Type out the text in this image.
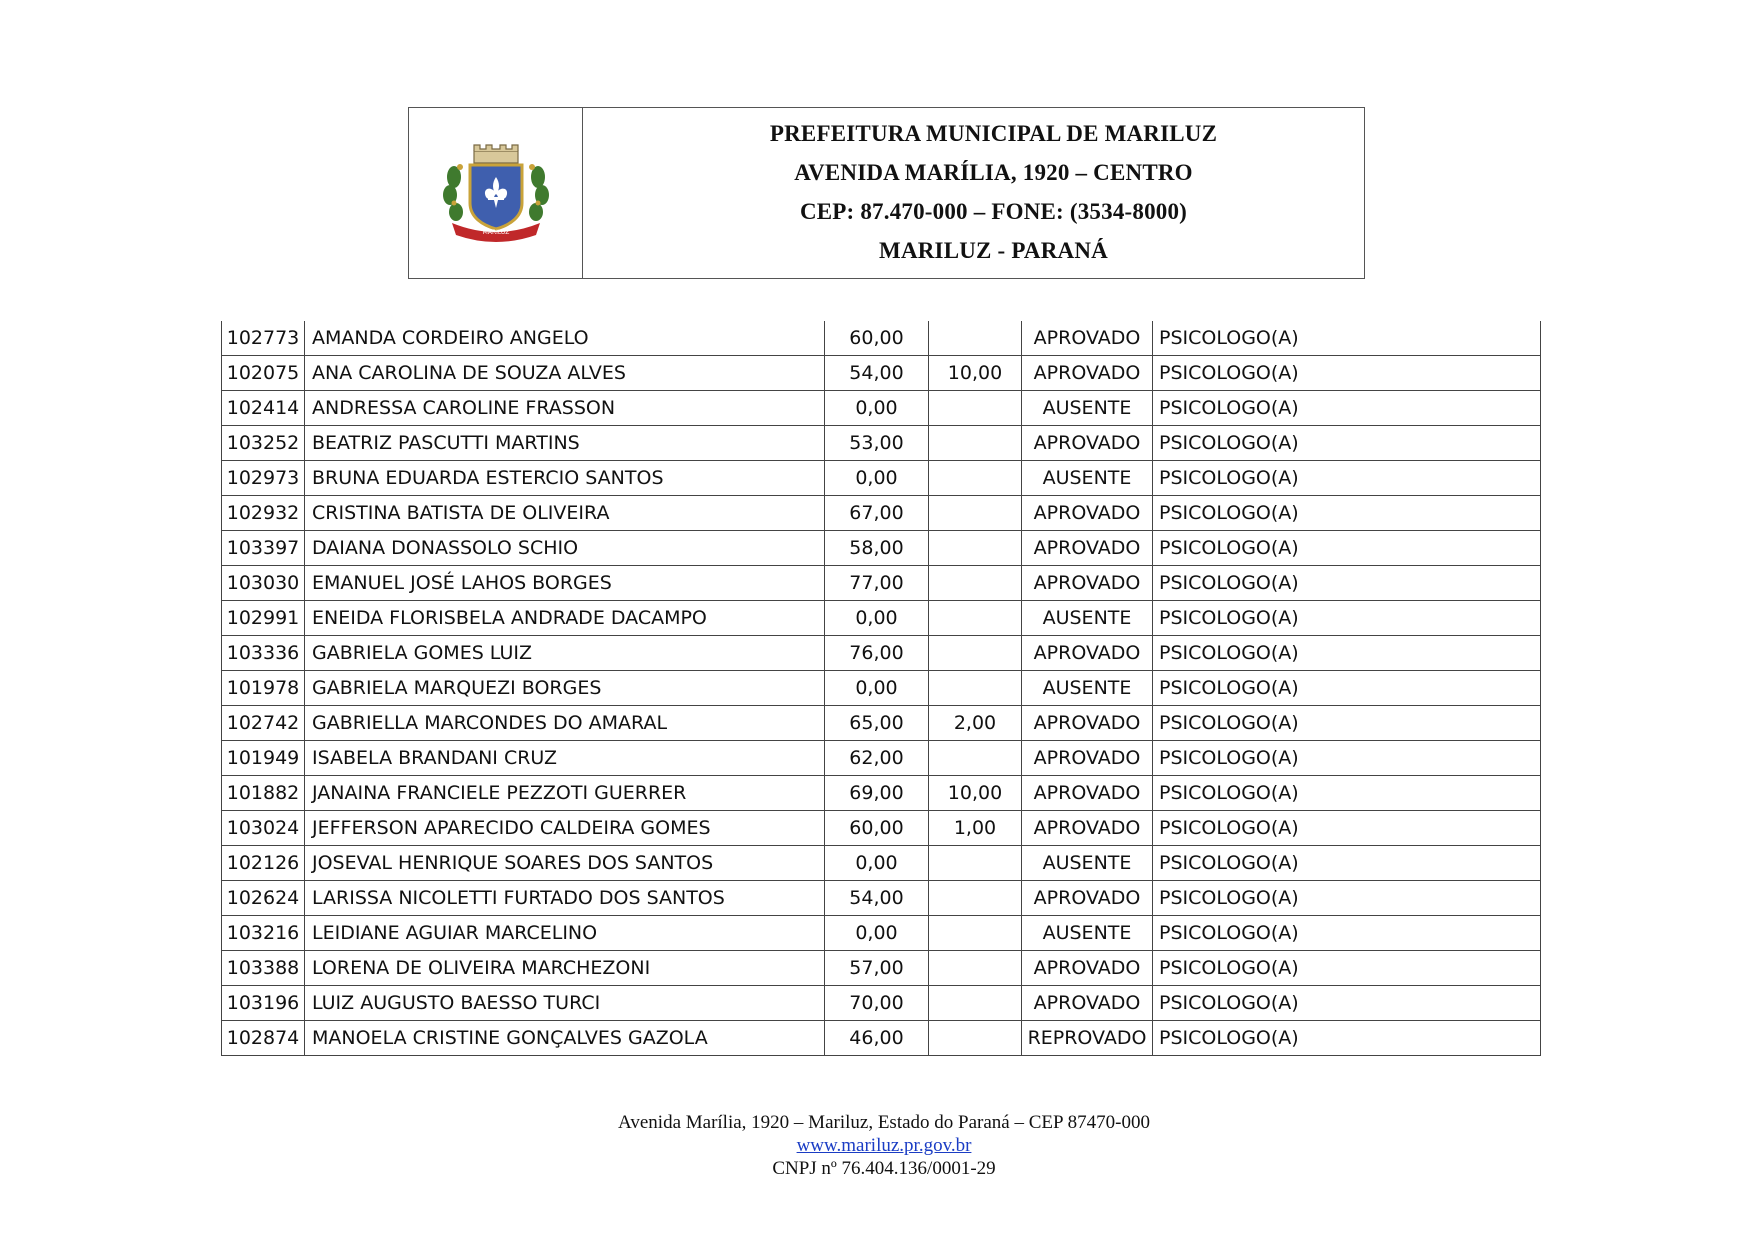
MARILUZ
PREFEITURA MUNICIPAL DE MARILUZ
AVENIDA MARÍLIA, 1920 – CENTRO
CEP: 87.470-000 – FONE: (3534-8000)
MARILUZ - PARANÁ
102773	AMANDA CORDEIRO ANGELO	60,00		APROVADO	PSICOLOGO(A)
102075	ANA CAROLINA DE SOUZA ALVES	54,00	10,00	APROVADO	PSICOLOGO(A)
102414	ANDRESSA CAROLINE FRASSON	0,00		AUSENTE	PSICOLOGO(A)
103252	BEATRIZ PASCUTTI MARTINS	53,00		APROVADO	PSICOLOGO(A)
102973	BRUNA EDUARDA ESTERCIO SANTOS	0,00		AUSENTE	PSICOLOGO(A)
102932	CRISTINA BATISTA DE OLIVEIRA	67,00		APROVADO	PSICOLOGO(A)
103397	DAIANA DONASSOLO SCHIO	58,00		APROVADO	PSICOLOGO(A)
103030	EMANUEL JOSÉ LAHOS BORGES	77,00		APROVADO	PSICOLOGO(A)
102991	ENEIDA FLORISBELA ANDRADE DACAMPO	0,00		AUSENTE	PSICOLOGO(A)
103336	GABRIELA GOMES LUIZ	76,00		APROVADO	PSICOLOGO(A)
101978	GABRIELA MARQUEZI BORGES	0,00		AUSENTE	PSICOLOGO(A)
102742	GABRIELLA MARCONDES DO AMARAL	65,00	2,00	APROVADO	PSICOLOGO(A)
101949	ISABELA BRANDANI CRUZ	62,00		APROVADO	PSICOLOGO(A)
101882	JANAINA FRANCIELE PEZZOTI GUERRER	69,00	10,00	APROVADO	PSICOLOGO(A)
103024	JEFFERSON APARECIDO CALDEIRA GOMES	60,00	1,00	APROVADO	PSICOLOGO(A)
102126	JOSEVAL HENRIQUE SOARES DOS SANTOS	0,00		AUSENTE	PSICOLOGO(A)
102624	LARISSA NICOLETTI FURTADO DOS SANTOS	54,00		APROVADO	PSICOLOGO(A)
103216	LEIDIANE AGUIAR MARCELINO	0,00		AUSENTE	PSICOLOGO(A)
103388	LORENA DE OLIVEIRA MARCHEZONI	57,00		APROVADO	PSICOLOGO(A)
103196	LUIZ AUGUSTO BAESSO TURCI	70,00		APROVADO	PSICOLOGO(A)
102874	MANOELA CRISTINE GONÇALVES GAZOLA	46,00		REPROVADO	PSICOLOGO(A)
Avenida Marília, 1920 – Mariluz, Estado do Paraná – CEP 87470-000
www.mariluz.pr.gov.br
CNPJ nº 76.404.136/0001-29
